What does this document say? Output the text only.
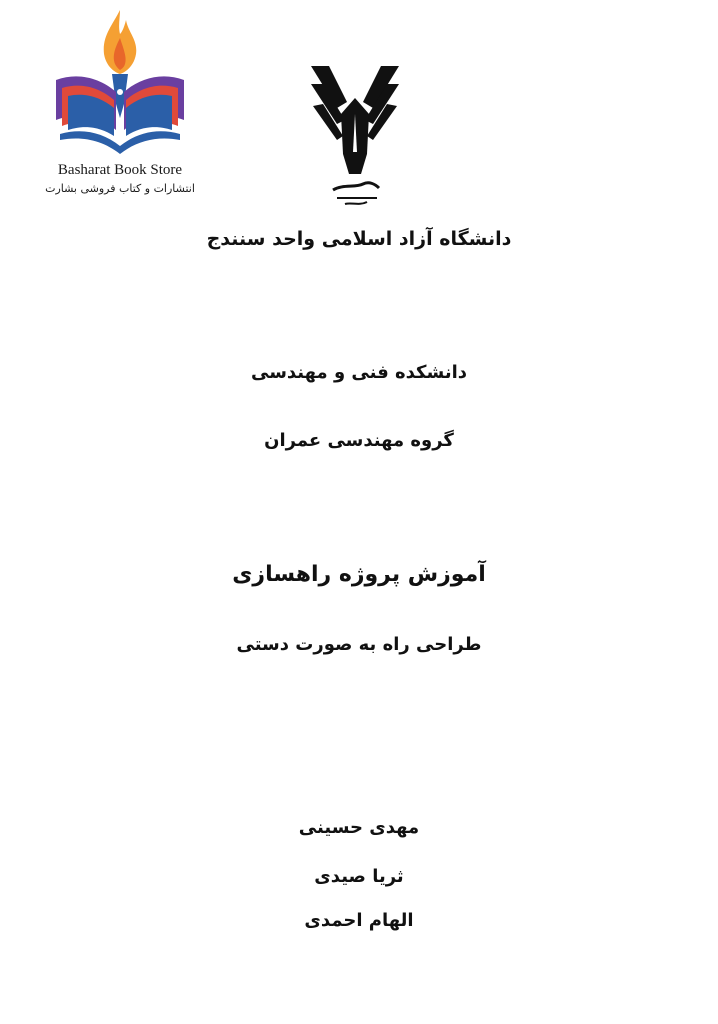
Basharat Book Store
انتشارات و کتاب فروشی بشارت
دانشگاه آزاد اسلامی واحد سنندج
دانشکده فنی و مهندسی
گروه مهندسی عمران
آموزش پروژه راهسازی
طراحی راه به صورت دستی
مهدی حسینی
ثریا صیدی
الهام احمدی
